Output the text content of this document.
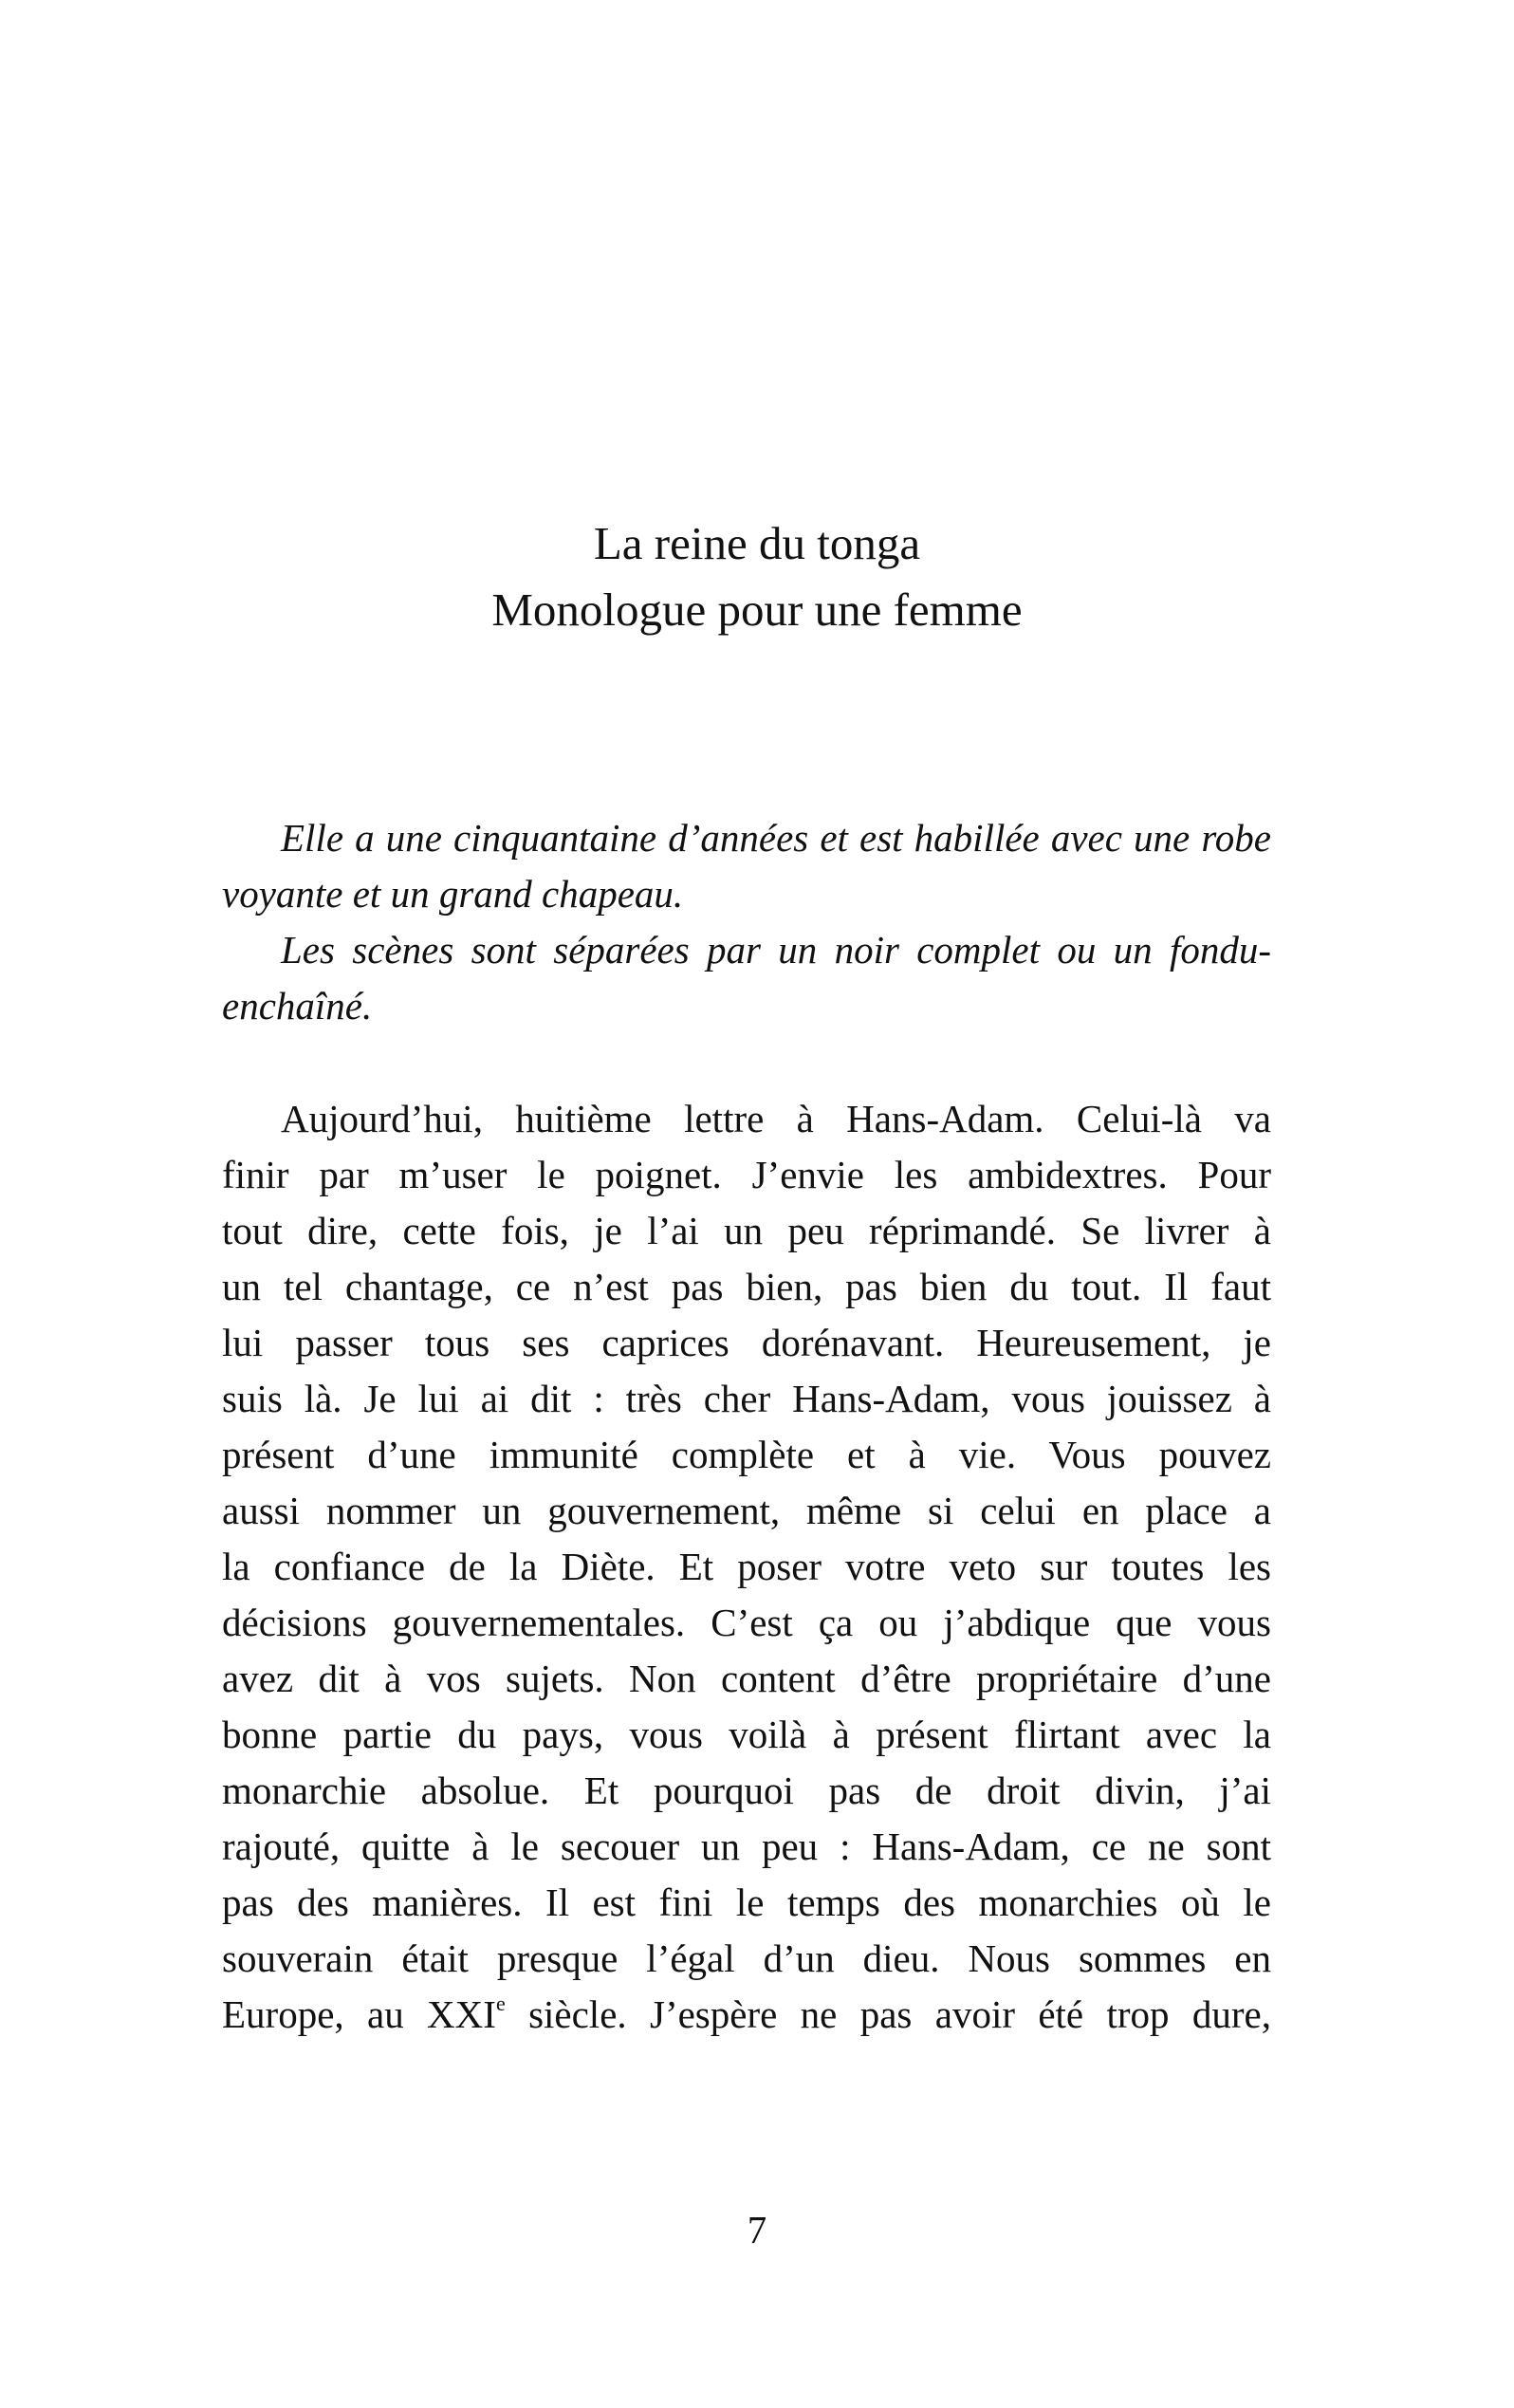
La reine du tonga
Monologue pour une femme

Elle a une cinquantaine d’années et est habillée avec une robe voyante et un grand chapeau.

Les scènes sont séparées par un noir complet ou un fondu-enchaîné.

Aujourd’hui, huitième lettre à Hans-Adam. Celui-là va
finir par m’user le poignet. J’envie les ambidextres. Pour
tout dire, cette fois, je l’ai un peu réprimandé. Se livrer à
un tel chantage, ce n’est pas bien, pas bien du tout. Il faut
lui passer tous ses caprices dorénavant. Heureusement, je
suis là. Je lui ai dit : très cher Hans-Adam, vous jouissez à
présent d’une immunité complète et à vie. Vous pouvez
aussi nommer un gouvernement, même si celui en place a
la confiance de la Diète. Et poser votre veto sur toutes les
décisions gouvernementales. C’est ça ou j’abdique que vous
avez dit à vos sujets. Non content d’être propriétaire d’une
bonne partie du pays, vous voilà à présent flirtant avec la
monarchie absolue. Et pourquoi pas de droit divin, j’ai
rajouté, quitte à le secouer un peu : Hans-Adam, ce ne sont
pas des manières. Il est fini le temps des monarchies où le
souverain était presque l’égal d’un dieu. Nous sommes en
Europe, au XXIe siècle. J’espère ne pas avoir été trop dure,

7
